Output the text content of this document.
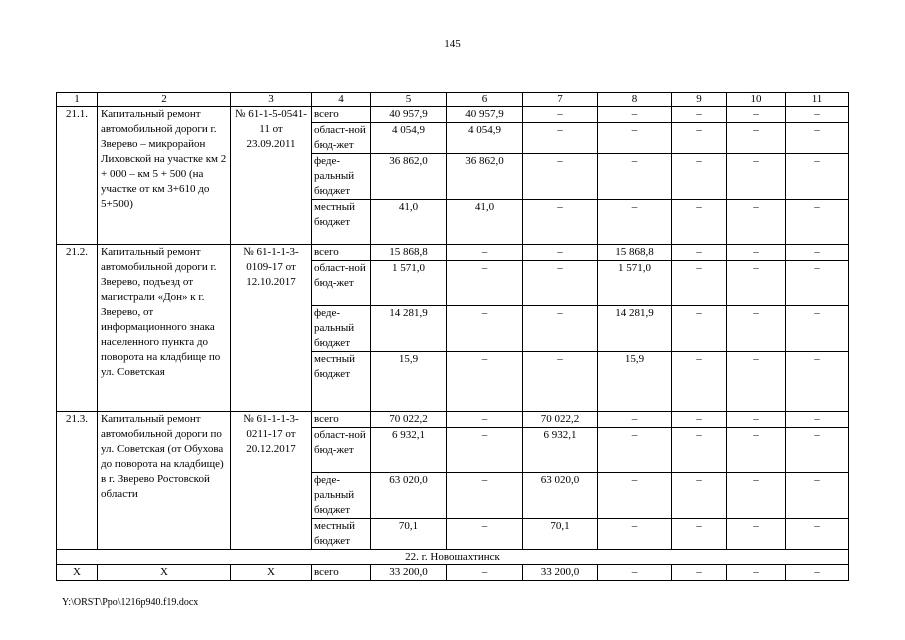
145
1	2	3	4	5	6	7	8	9	10	11
21.1.	Капитальный ремонт автомобильной дороги г. Зверево – микрорайон Лиховской на участке км 2 + 000 – км 5 + 500 (на участке от км 3+610 до 5+500)	№ 61-1-5-0541-11 от 23.09.2011	всего	40 957,9	40 957,9	–	–	–	–	–
			област-ной бюд-жет	4 054,9	4 054,9	–	–	–	–	–
			феде-ральный бюджет	36 862,0	36 862,0	–	–	–	–	–
			местный бюджет	41,0	41,0	–	–	–	–	–
21.2.	Капитальный ремонт автомобильной дороги г. Зверево, подъезд от магистрали «Дон» к г. Зверево, от информационного знака населенного пункта до поворота на кладбище по ул. Советская	№ 61-1-1-3-0109-17 от 12.10.2017	всего	15 868,8	–	–	15 868,8	–	–	–
			област-ной бюд-жет	1 571,0	–	–	1 571,0	–	–	–
			феде-ральный бюджет	14 281,9	–	–	14 281,9	–	–	–
			местный бюджет	15,9	–	–	15,9	–	–	–
21.3.	Капитальный ремонт автомобильной дороги по ул. Советская (от Обухова до поворота на кладбище) в г. Зверево Ростовской области	№ 61-1-1-3-0211-17 от 20.12.2017	всего	70 022,2	–	70 022,2	–	–	–	–
			област-ной бюд-жет	6 932,1	–	6 932,1	–	–	–	–
			феде-ральный бюджет	63 020,0	–	63 020,0	–	–	–	–
			местный бюджет	70,1	–	70,1	–	–	–	–
22. г. Новошахтинск										
Х	Х	Х	всего	33 200,0	–	33 200,0	–	–	–	–
Y:\ORST\Ppo\1216p940.f19.docx
